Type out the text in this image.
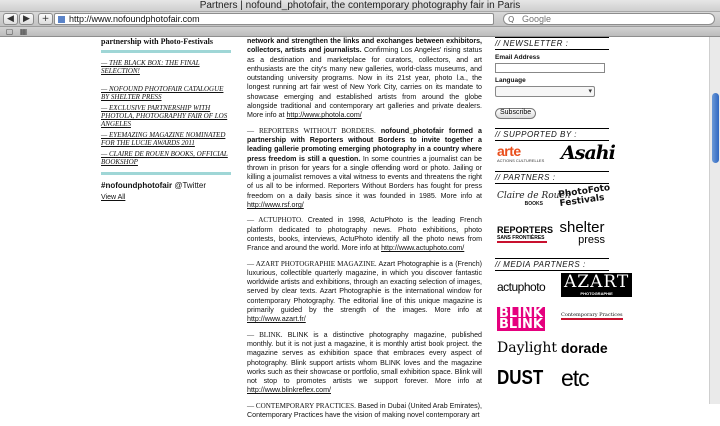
Partners | nofound_photofair, the contemporary photography fair in Paris
◀	▶	+	http://www.nofoundphotofair.com	Q
Google
▢ ▦
partnership with Photo-Festivals
— THE BLACK BOX: THE FINAL SELECTION!
— NOFOUND PHOTOFAIR CATALOGUE BY SHELTER PRESS
— EXCLUSIVE PARTNERSHIP WITH PHOTOLA, PHOTOGRAPHY FAIR OF LOS ANGELES
— EYEMAZING MAGAZINE NOMINATED FOR THE LUCIE AWARDS 2011
— CLAIRE DE ROUEN BOOKS, OFFICIAL BOOKSHOP
#nofoundphotofair @Twitter
View All

network and strengthen the links and exchanges between exhibitors, collectors, artists and journalists. Confirming Los Angeles' rising status as a destination and marketplace for curators, collectors, and art enthusiasts are the city's many new galleries, world-class museums, and outstanding university programs. Now in its 21st year, photo l.a., the longest running art fair west of New York City, carries on its mandate to showcase emerging and established artists from around the globe alongside traditional and contemporary art galleries and private dealers. More info at http://www.photola.com/

— REPORTERS WITHOUT BORDERS. nofound_photofair formed a partnership with Reporters without Borders to invite together a leading gallerie promoting emerging photography in a country where press freedom is still a question. In some countries a journalist can be thrown in prison for years for a single offending word or photo. Jailing or killing a journalist removes a vital witness to events and threatens the right of us all to be informed. Reporters Without Borders has fought for press freedom on a daily basis since it was founded in 1985. More info at http://www.rsf.org/

— ACTUPHOTO. Created in 1998, ActuPhoto is the leading French platform dedicated to photography news. Photo exhibitions, photo contests, books, interviews, ActuPhoto identify all the photo news from France and around the world. More info at http://www.actuphoto.com/

— AZART PHOTOGRAPHIE MAGAZINE. Azart Photographie is a (French) luxurious, collectible quarterly magazine, in which you discover fantastic worldwide artists and exhibitions, through an exacting selection of images, served by clear texts. Azart Photographie is the international window for contemporary Photography. The editorial line of this unique magazine is primarily guided by the strength of the images. More info at http://www.azart.fr/

— BLINK. BLINK is a distinctive photography magazine, published monthly. but it is not just a magazine, it is monthly artist book project. the magazine serves as exhibition space that embraces every aspect of photography. Blink support artists whom BLINK loves and the magazine works such as their showcase or portfolio, small exhibition space. Blink will not stop to promotes artists we support forever. More info at http://www.blinkreflex.com/

— CONTEMPORARY PRACTICES. Based in Dubai (United Arab Emirates), Contemporary Practices have the vision of making novel contemporary art

// NEWSLETTER :
Email Address
Language
▾
Subscribe
// SUPPORTED BY :
arte
ACTIONS CULTURELLES Asahi
// PARTNERS :
Claire de Rouen
BOOKS
PhotoFoto Festivals
REPORTERS
SANS FRONTIÈRES
shelter
press
// MEDIA PARTNERS :
actuphoto AZART
PHOTOGRAPHIE
BLINK
BLINK
Contemporary Practices
Daylight dorade
DUST etc
